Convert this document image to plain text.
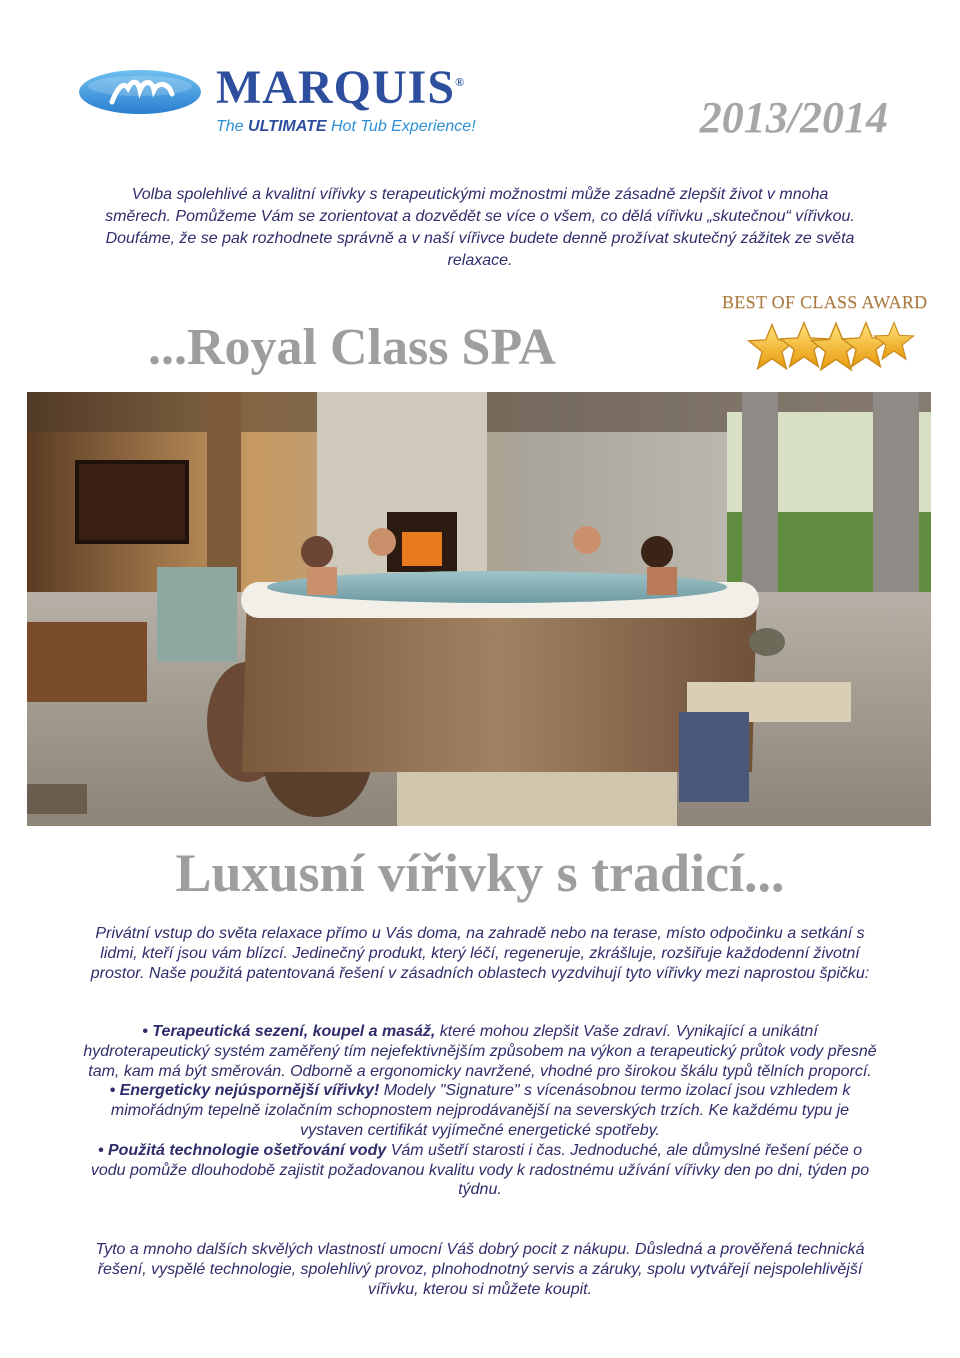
MARQUIS®
The ULTIMATE Hot Tub Experience!	2013/2014

Volba spolehlivé a kvalitní vířivky s terapeutickými možnostmi může zásadně zlepšit život v mnoha směrech. Pomůžeme Vám se zorientovat a dozvědět se více o všem, co dělá vířivku „skutečnou“ vířivkou. Doufáme, že se pak rozhodnete správně a v naší vířivce budete denně prožívat skutečný zážitek ze světa relaxace.

...Royal Class SPA
BEST OF CLASS AWARD
Luxusní vířivky s tradicí...

Privátní vstup do světa relaxace přímo u Vás doma, na zahradě nebo na terase, místo odpočinku a setkání s lidmi, kteří jsou vám blízcí. Jedinečný produkt, který léčí, regeneruje, zkrášluje, rozšiřuje každodenní životní prostor. Naše použitá patentovaná řešení v zásadních oblastech vyzdvihují tyto vířivky mezi naprostou špičku:

• Terapeutická sezení, koupel a masáž, které mohou zlepšit Vaše zdraví. Vynikající a unikátní hydroterapeutický systém zaměřený tím nejefektivnějším způsobem na výkon a terapeutický průtok vody přesně tam, kam má být směrován. Odborně a ergonomicky navržené, vhodné pro širokou škálu typů tělních proporcí.

• Energeticky nejúspornější vířivky! Modely "Signature" s vícenásobnou termo izolací jsou vzhledem k mimořádným tepelně izolačním schopnostem nejprodávanější na severských trzích. Ke každému typu je vystaven certifikát vyjímečné energetické spotřeby.

• Použitá technologie ošetřování vody Vám ušetří starosti i čas. Jednoduché, ale důmyslné řešení péče o vodu pomůže dlouhodobě zajistit požadovanou kvalitu vody k radostnému užívání vířivky den po dni, týden po týdnu.

Tyto a mnoho dalších skvělých vlastností umocní Váš dobrý pocit z nákupu. Důsledná a prověřená technická řešení, vyspělé technologie, spolehlivý provoz, plnohodnotný servis a záruky, spolu vytvářejí nejspolehlivější vířivku, kterou si můžete koupit.
